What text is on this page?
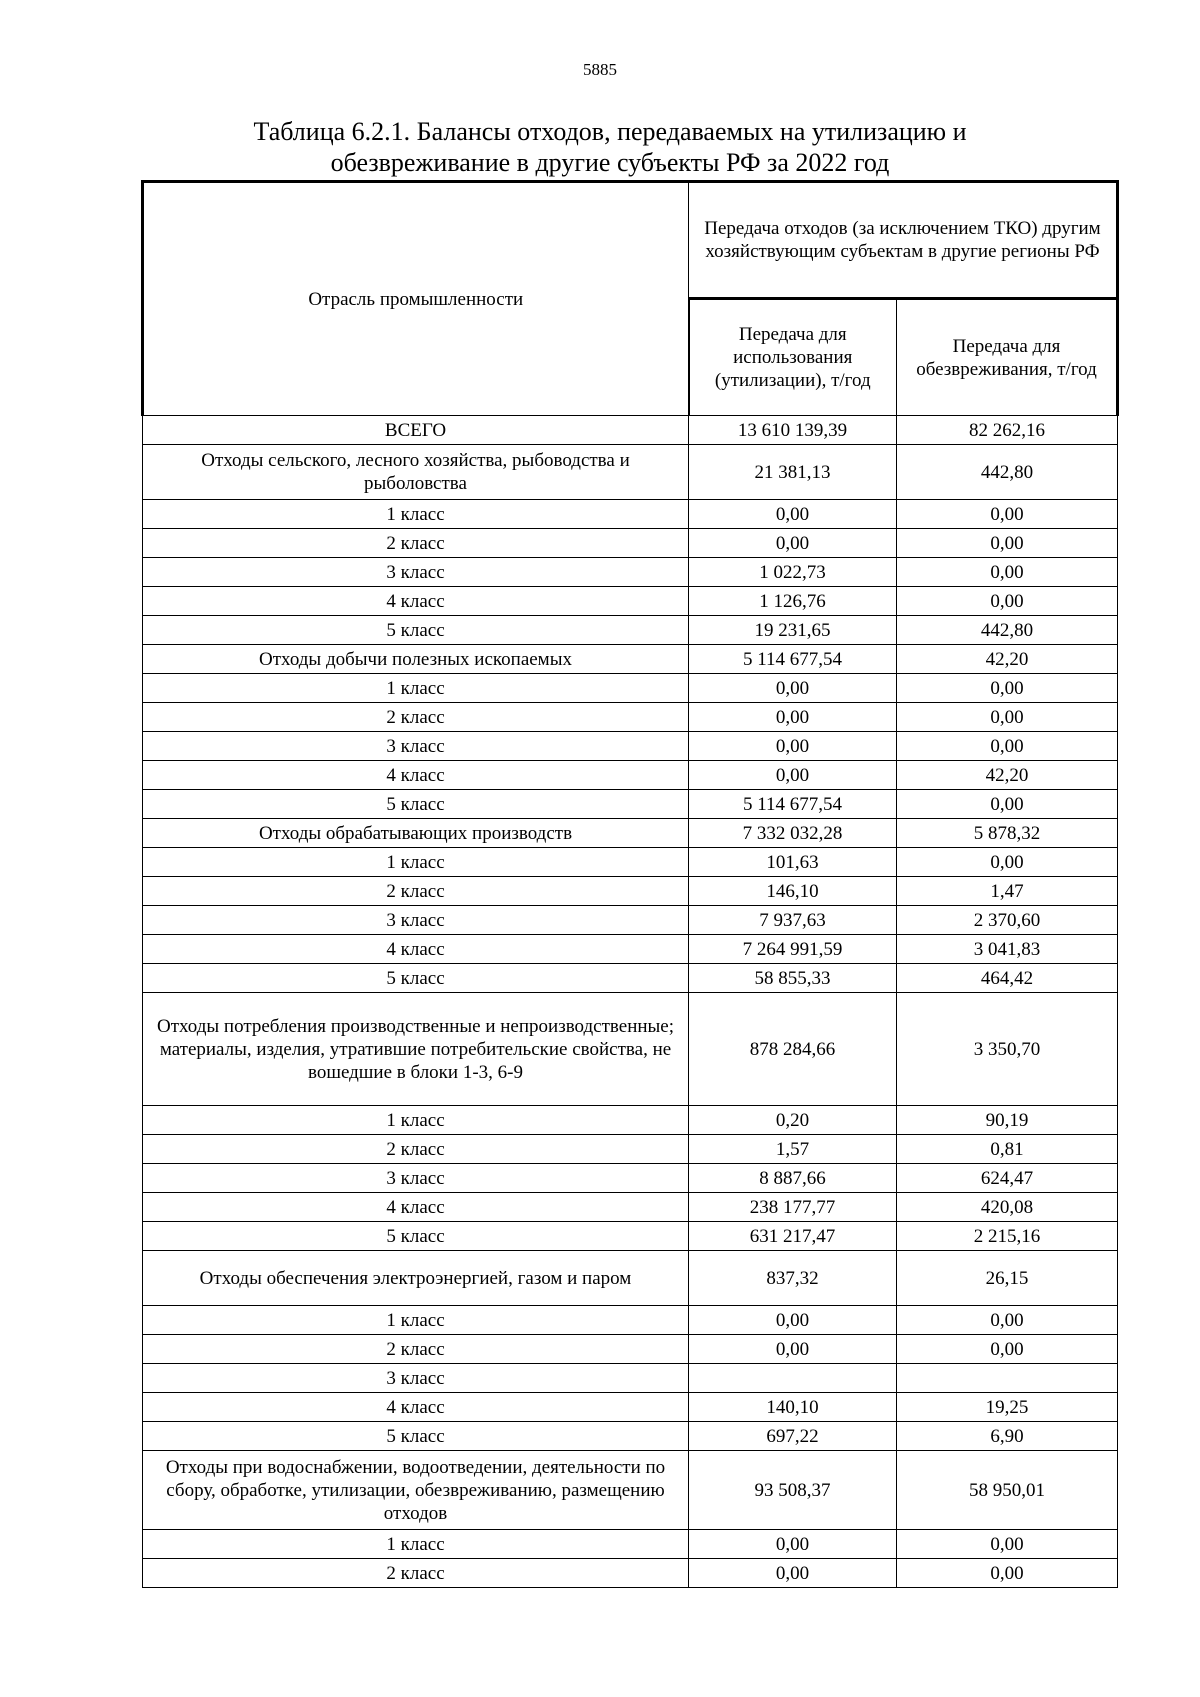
5885
Таблица 6.2.1. Балансы отходов, передаваемых на утилизацию и
обезвреживание в другие субъекты РФ за 2022 год
Отрасль промышленности	Передача отходов (за исключением ТКО) другим хозяйствующим субъектам в другие регионы РФ	
	Передача для использования (утилизации), т/год	Передача для обезвреживания, т/год
ВСЕГО	13 610 139,39	82 262,16
Отходы сельского, лесного хозяйства, рыбоводства и рыболовства	21 381,13	442,80
1 класс	0,00	0,00
2 класс	0,00	0,00
3 класс	1 022,73	0,00
4 класс	1 126,76	0,00
5 класс	19 231,65	442,80
Отходы добычи полезных ископаемых	5 114 677,54	42,20
1 класс	0,00	0,00
2 класс	0,00	0,00
3 класс	0,00	0,00
4 класс	0,00	42,20
5 класс	5 114 677,54	0,00
Отходы обрабатывающих производств	7 332 032,28	5 878,32
1 класс	101,63	0,00
2 класс	146,10	1,47
3 класс	7 937,63	2 370,60
4 класс	7 264 991,59	3 041,83
5 класс	58 855,33	464,42
Отходы потребления производственные и непроизводственные; материалы, изделия, утратившие потребительские свойства, не вошедшие в блоки 1-3, 6-9	878 284,66	3 350,70
1 класс	0,20	90,19
2 класс	1,57	0,81
3 класс	8 887,66	624,47
4 класс	238 177,77	420,08
5 класс	631 217,47	2 215,16
Отходы обеспечения электроэнергией, газом и паром	837,32	26,15
1 класс	0,00	0,00
2 класс	0,00	0,00
3 класс		
4 класс	140,10	19,25
5 класс	697,22	6,90
Отходы при водоснабжении, водоотведении, деятельности по сбору, обработке, утилизации, обезвреживанию, размещению отходов	93 508,37	58 950,01
1 класс	0,00	0,00
2 класс	0,00	0,00
